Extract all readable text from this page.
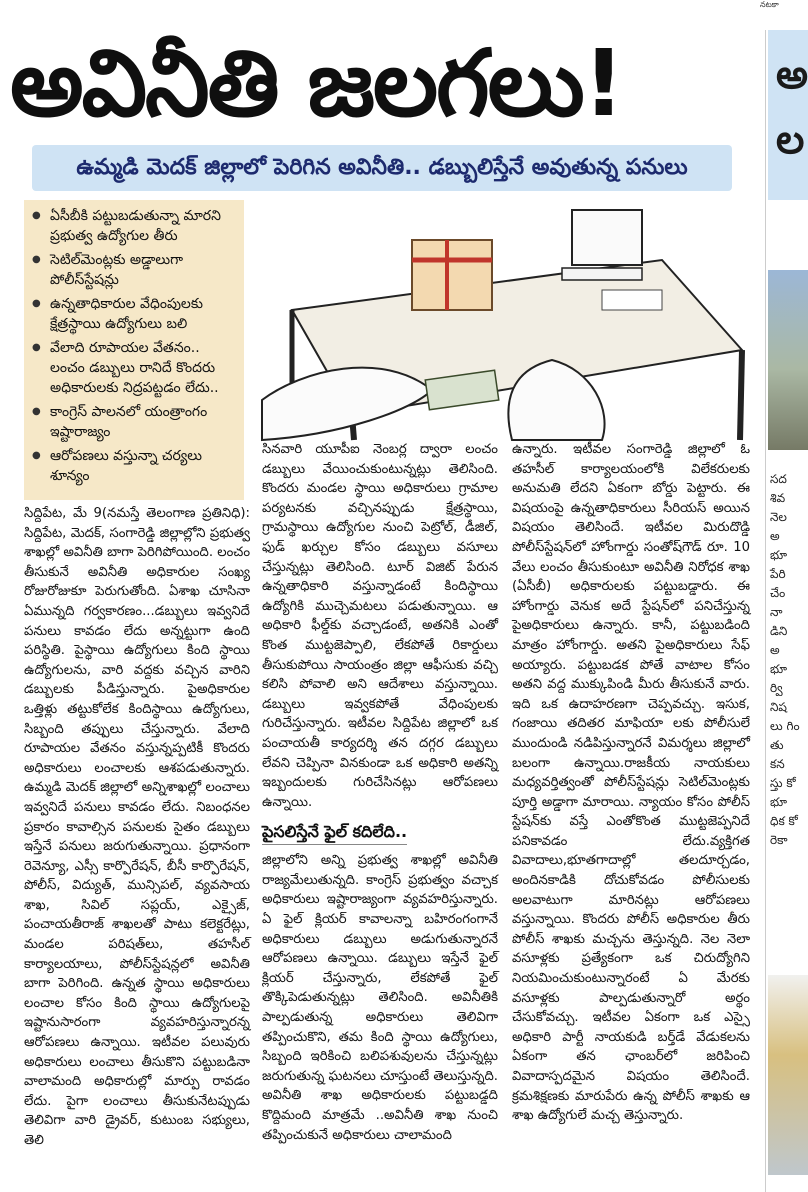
నటకా
అవినీతి జలగలు!
ఉమ్మడి మెదక్ జిల్లాలో పెరిగిన అవినీతి.. డబ్బులిస్తేనే అవుతున్న పనులు
● ఏసీబీకి పట్టుబడుతున్నా మారని ప్రభుత్వ ఉద్యోగుల తీరు
● సెటిల్‌మెంట్లకు అడ్డాలుగా పోలీస్‌స్టేషన్లు
● ఉన్నతాధికారుల వేధింపులకు క్షేత్రస్థాయి ఉద్యోగులు బలి
● వేలాది రూపాయల వేతనం.. లంచం డబ్బులు రానిదే కొందరు అధికారులకు నిద్రపట్టడం లేదు..
● కాంగ్రెస్ పాలనలో యంత్రాంగం ఇష్టారాజ్యం
● ఆరోపణలు వస్తున్నా చర్యలు శూన్యం

సిద్దిపేట, మే 9(నమస్తే తెలంగాణ ప్రతినిధి): సిద్దిపేట, మెదక్, సంగారెడ్డి జిల్లాల్లోని ప్రభుత్వ శాఖల్లో అవినీతి బాగా పెరిగిపోయింది. లంచం తీసుకునే అవినీతి అధికారుల సంఖ్య రోజురోజుకూ పెరుగుతోంది. ఏశాఖ చూసినా ఏమున్నది గర్వకారణం...డబ్బులు ఇవ్వనిదే పనులు కావడం లేదు అన్నట్టుగా ఉంది పరిస్థితి. పైస్థాయి ఉద్యోగులు కింది స్థాయి ఉద్యోగులను, వారి వద్దకు వచ్చిన వారిని డబ్బులకు పీడిస్తున్నారు. పైఅధికారుల ఒత్తిళ్లు తట్టుకోలేక కిందిస్థాయి ఉద్యోగులు, సిబ్బంది తప్పులు చేస్తున్నారు. వేలాది రూపాయల వేతనం వస్తున్నప్పటికీ కొందరు అధికారులు లంచాలకు ఆశపడుతున్నారు. ఉమ్మడి మెదక్ జిల్లాలో అన్నిశాఖల్లో లంచాలు ఇవ్వనిదే పనులు కావడం లేదు. నిబంధనల ప్రకారం కావాల్సిన పనులకు సైతం డబ్బులు ఇస్తేనే పనులు జరుగుతున్నాయి. ప్రధానంగా రెవెన్యూ, ఎస్సీ కార్పొరేషన్, బీసీ కార్పొరేషన్, పోలీస్, విద్యుత్, మున్సిపల్, వ్యవసాయ శాఖ, సివిల్ సప్లయ్, ఎక్సైజ్, పంచాయతీరాజ్ శాఖలతో పాటు కలెక్టరేట్లు, మండల పరిషత్‌లు, తహసీల్ కార్యాలయాలు, పోలీస్‌స్టేషన్లలో అవినీతి బాగా పెరిగింది. ఉన్నత స్థాయి అధికారులు లంచాల కోసం కింది స్థాయి ఉద్యోగులపై ఇష్టానుసారంగా వ్యవహరిస్తున్నారన్న ఆరోపణలు ఉన్నాయి. ఇటీవల పలువురు అధికారులు లంచాలు తీసుకొని పట్టుబడినా వాలామంది అధికారుల్లో మార్పు రావడం లేదు. పైగా లంచాలు తీసుకునేటప్పుడు తెలివిగా వారి డ్రైవర్, కుటుంబ సభ్యులు, తెలి

సినవారి యూపీఐ నెంబర్ల ద్వారా లంచం డబ్బులు వేయించుకుంటున్నట్లు తెలిసింది. కొందరు మండల స్థాయి అధికారులు గ్రామాల పర్యటనకు వచ్చినప్పుడు క్షేత్రస్థాయి, గ్రామస్థాయి ఉద్యోగుల నుంచి పెట్రోల్, డీజిల్, ఫుడ్ ఖర్చుల కోసం డబ్బులు వసూలు చేస్తున్నట్లు తెలిసింది. టూర్ విజిట్ పేరున ఉన్నతాధికారి వస్తున్నాడంటే కిందిస్థాయి ఉద్యోగికి ముచ్చెమటలు పడుతున్నాయి. ఆ అధికారి ఫీల్డ్‌కు వచ్చాడంటే, అతనికి ఎంతో కొంత ముట్టజెప్పాలి, లేకపోతే రికార్డులు తీసుకుపోయి సాయంత్రం జిల్లా ఆఫీసుకు వచ్చి కలిసి పోవాలి అని ఆదేశాలు వస్తున్నాయి. డబ్బులు ఇవ్వకపోతే వేధింపులకు గురిచేస్తున్నారు. ఇటీవల సిద్దిపేట జిల్లాలో ఒక పంచాయతీ కార్యదర్శి తన దగ్గర డబ్బులు లేవని చెప్పినా వినకుండా ఒక అధికారి అతన్ని ఇబ్బందులకు గురిచేసినట్లు ఆరోపణలు ఉన్నాయి.

పైసలిస్తేనే ఫైల్ కదిలేది..

జిల్లాలోని అన్ని ప్రభుత్వ శాఖల్లో అవినీతి రాజ్యమేలుతున్నది. కాంగ్రెస్ ప్రభుత్వం వచ్చాక అధికారులు ఇష్టారాజ్యంగా వ్యవహరిస్తున్నారు. ఏ ఫైల్ క్లియర్ కావాలన్నా బహిరంగంగానే అధికారులు డబ్బులు అడుగుతున్నారనే ఆరోపణలు ఉన్నాయి. డబ్బులు ఇస్తేనే ఫైల్ క్లియర్ చేస్తున్నారు, లేకపోతే ఫైల్ తొక్కిపెడుతున్నట్లు తెలిసింది. అవినీతికి పాల్పడుతున్న అధికారులు తెలివిగా తప్పించుకొని, తమ కింది స్థాయి ఉద్యోగులు, సిబ్బంది ఇరికించి బలిపశువులను చేస్తున్నట్లు జరుగుతున్న ఘటనలు చూస్తుంటే తెలుస్తున్నది. అవినీతి శాఖ అధికారులకు పట్టుబడ్డది కొద్దిమంది మాత్రమే ..అవినీతి శాఖ నుంచి తప్పించుకునే అధికారులు చాలామంది

ఉన్నారు. ఇటీవల సంగారెడ్డి జిల్లాలో ఓ తహసీల్ కార్యాలయంలోకి విలేకరులకు అనుమతి లేదని ఏకంగా బోర్డు పెట్టారు. ఈ విషయంపై ఉన్నతాధికారులు సీరియస్ అయిన విషయం తెలిసిందే. ఇటీవల మిరుదొడ్డి పోలీస్‌స్టేషన్‌లో హోంగార్డు సంతోష్‌గౌడ్ రూ. 10 వేలు లంచం తీసుకుంటూ అవినీతి నిరోధక శాఖ (ఏసీబీ) అధికారులకు పట్టుబడ్డారు. ఈ హోంగార్డు వెనుక అదే స్టేషన్‌లో పనిచేస్తున్న పైఅధికారులు ఉన్నారు. కానీ, పట్టుబడింది మాత్రం హోంగార్డు. అతని పైఅధికారులు సేఫ్ అయ్యారు. పట్టుబడక పోతే వాటాల కోసం అతని వద్ద ముక్కుపిండి మీరు తీసుకునే వారు. ఇది ఒక ఉదాహరణగా చెప్పవచ్చు. ఇసుక, గంజాయి తదితర మాఫియా లకు పోలీసులే ముందుండి నడిపిస్తున్నారనే విమర్శలు జిల్లాలో బలంగా ఉన్నాయి.రాజకీయ నాయకులు మధ్యవర్తిత్వంతో పోలీస్‌స్టేషన్లు సెటిల్‌మెంట్లకు పూర్తి అడ్డాగా మారాయి. న్యాయం కోసం పోలీస్ స్టేషన్‌కు వస్తే ఎంతోకొంత ముట్టజెప్పనిదే పనికావడం లేదు.వ్యక్తిగత వివాదాలు,భూతగాదాల్లో తలదూర్చడం, అందినకాడికి దోచుకోవడం పోలీసులకు అలవాటుగా మారినట్లు ఆరోపణలు వస్తున్నాయి. కొందరు పోలీస్ అధికారుల తీరు పోలీస్ శాఖకు మచ్చను తెస్తున్నది. నెల నెలా వసూళ్లకు ప్రత్యేకంగా ఒక చిరుద్యోగిని నియమించుకుంటున్నారంటే ఏ మేరకు వసూళ్లకు పాల్పడుతున్నారో అర్థం చేసుకోవచ్చు. ఇటీవల ఏకంగా ఒక ఎస్సై అధికారి పార్టీ నాయకుడి బర్త్‌డే వేడుకలను ఏకంగా తన ఛాంబర్‌లో జరిపించి వివాదాస్పదమైన విషయం తెలిసిందే. క్రమశిక్షణకు మారుపేరు ఉన్న పోలీస్ శాఖకు ఆ శాఖ ఉద్యోగులే మచ్చ తెస్తున్నారు.

అ
ల
సద శివ నెల అ భూ పేరి చేం నా డిని అ భూ ర్వి నిష లు గిం తు కన స్తు కో భూ ధిక కో రెకా
